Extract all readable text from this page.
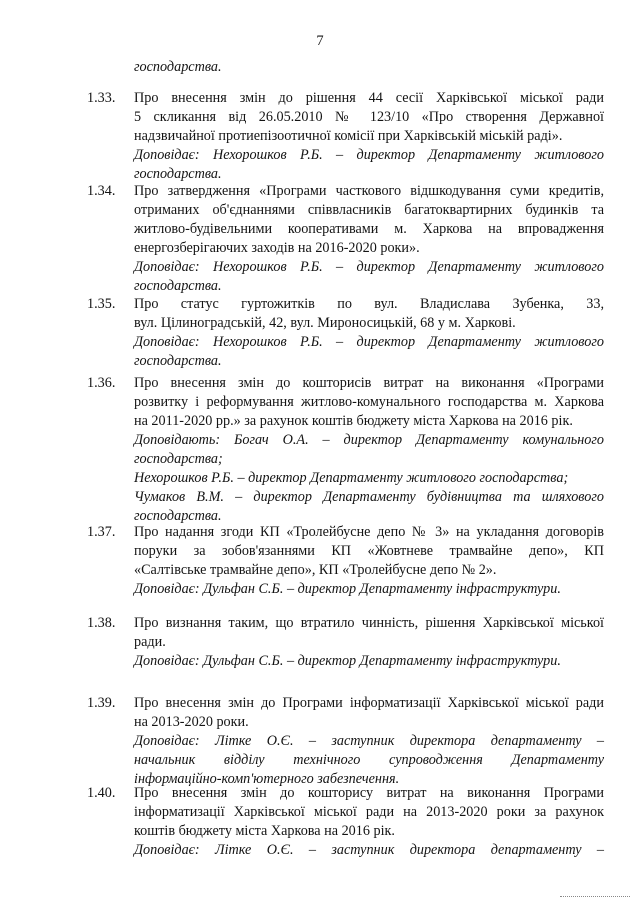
7
господарства.
1.33. Про внесення змін до рішення 44 сесії Харківської міської ради
5 скликання від 26.05.2010 № 123/10 «Про створення Державної
надзвичайної протиепізоотичної комісії при Харківській міській раді».
Доповідає: Нехорошков Р.Б. – директор Департаменту житлового
господарства.
1.34. Про затвердження «Програми часткового відшкодування суми кредитів,
отриманих об'єднаннями співвласників багатоквартирних будинків та
житлово-будівельними кооперативами м. Харкова на впровадження
енергозберігаючих заходів на 2016-2020 роки».
Доповідає: Нехорошков Р.Б. – директор Департаменту житлового
господарства.
1.35. Про статус гуртожитків по вул. Владислава Зубенка, 33,
вул. Цілиноградській, 42, вул. Мироносицькій, 68 у м. Харкові.
Доповідає: Нехорошков Р.Б. – директор Департаменту житлового
господарства.
1.36. Про внесення змін до кошторисів витрат на виконання «Програми
розвитку і реформування житлово-комунального господарства м. Харкова
на 2011-2020 рр.» за рахунок коштів бюджету міста Харкова на 2016 рік.
Доповідають: Богач О.А. – директор Департаменту комунального
господарства;
Нехорошков Р.Б. – директор Департаменту житлового господарства;
Чумаков В.М. – директор Департаменту будівництва та шляхового
господарства.
1.37. Про надання згоди КП «Тролейбусне депо № 3» на укладання договорів
поруки за зобов'язаннями КП «Жовтневе трамвайне депо», КП
«Салтівське трамвайне депо», КП «Тролейбусне депо № 2».
Доповідає: Дульфан С.Б. – директор Департаменту інфраструктури.
1.38. Про визнання таким, що втратило чинність, рішення Харківської міської
ради.
Доповідає: Дульфан С.Б. – директор Департаменту інфраструктури.
1.39. Про внесення змін до Програми інформатизації Харківської міської ради
на 2013-2020 роки.
Доповідає: Літке О.Є. – заступник директора департаменту –
начальник відділу технічного супроводження Департаменту
інформаційно-комп'ютерного забезпечення.
1.40. Про внесення змін до кошторису витрат на виконання Програми
інформатизації Харківської міської ради на 2013-2020 роки за рахунок
коштів бюджету міста Харкова на 2016 рік.
Доповідає: Літке О.Є. – заступник директора департаменту –
